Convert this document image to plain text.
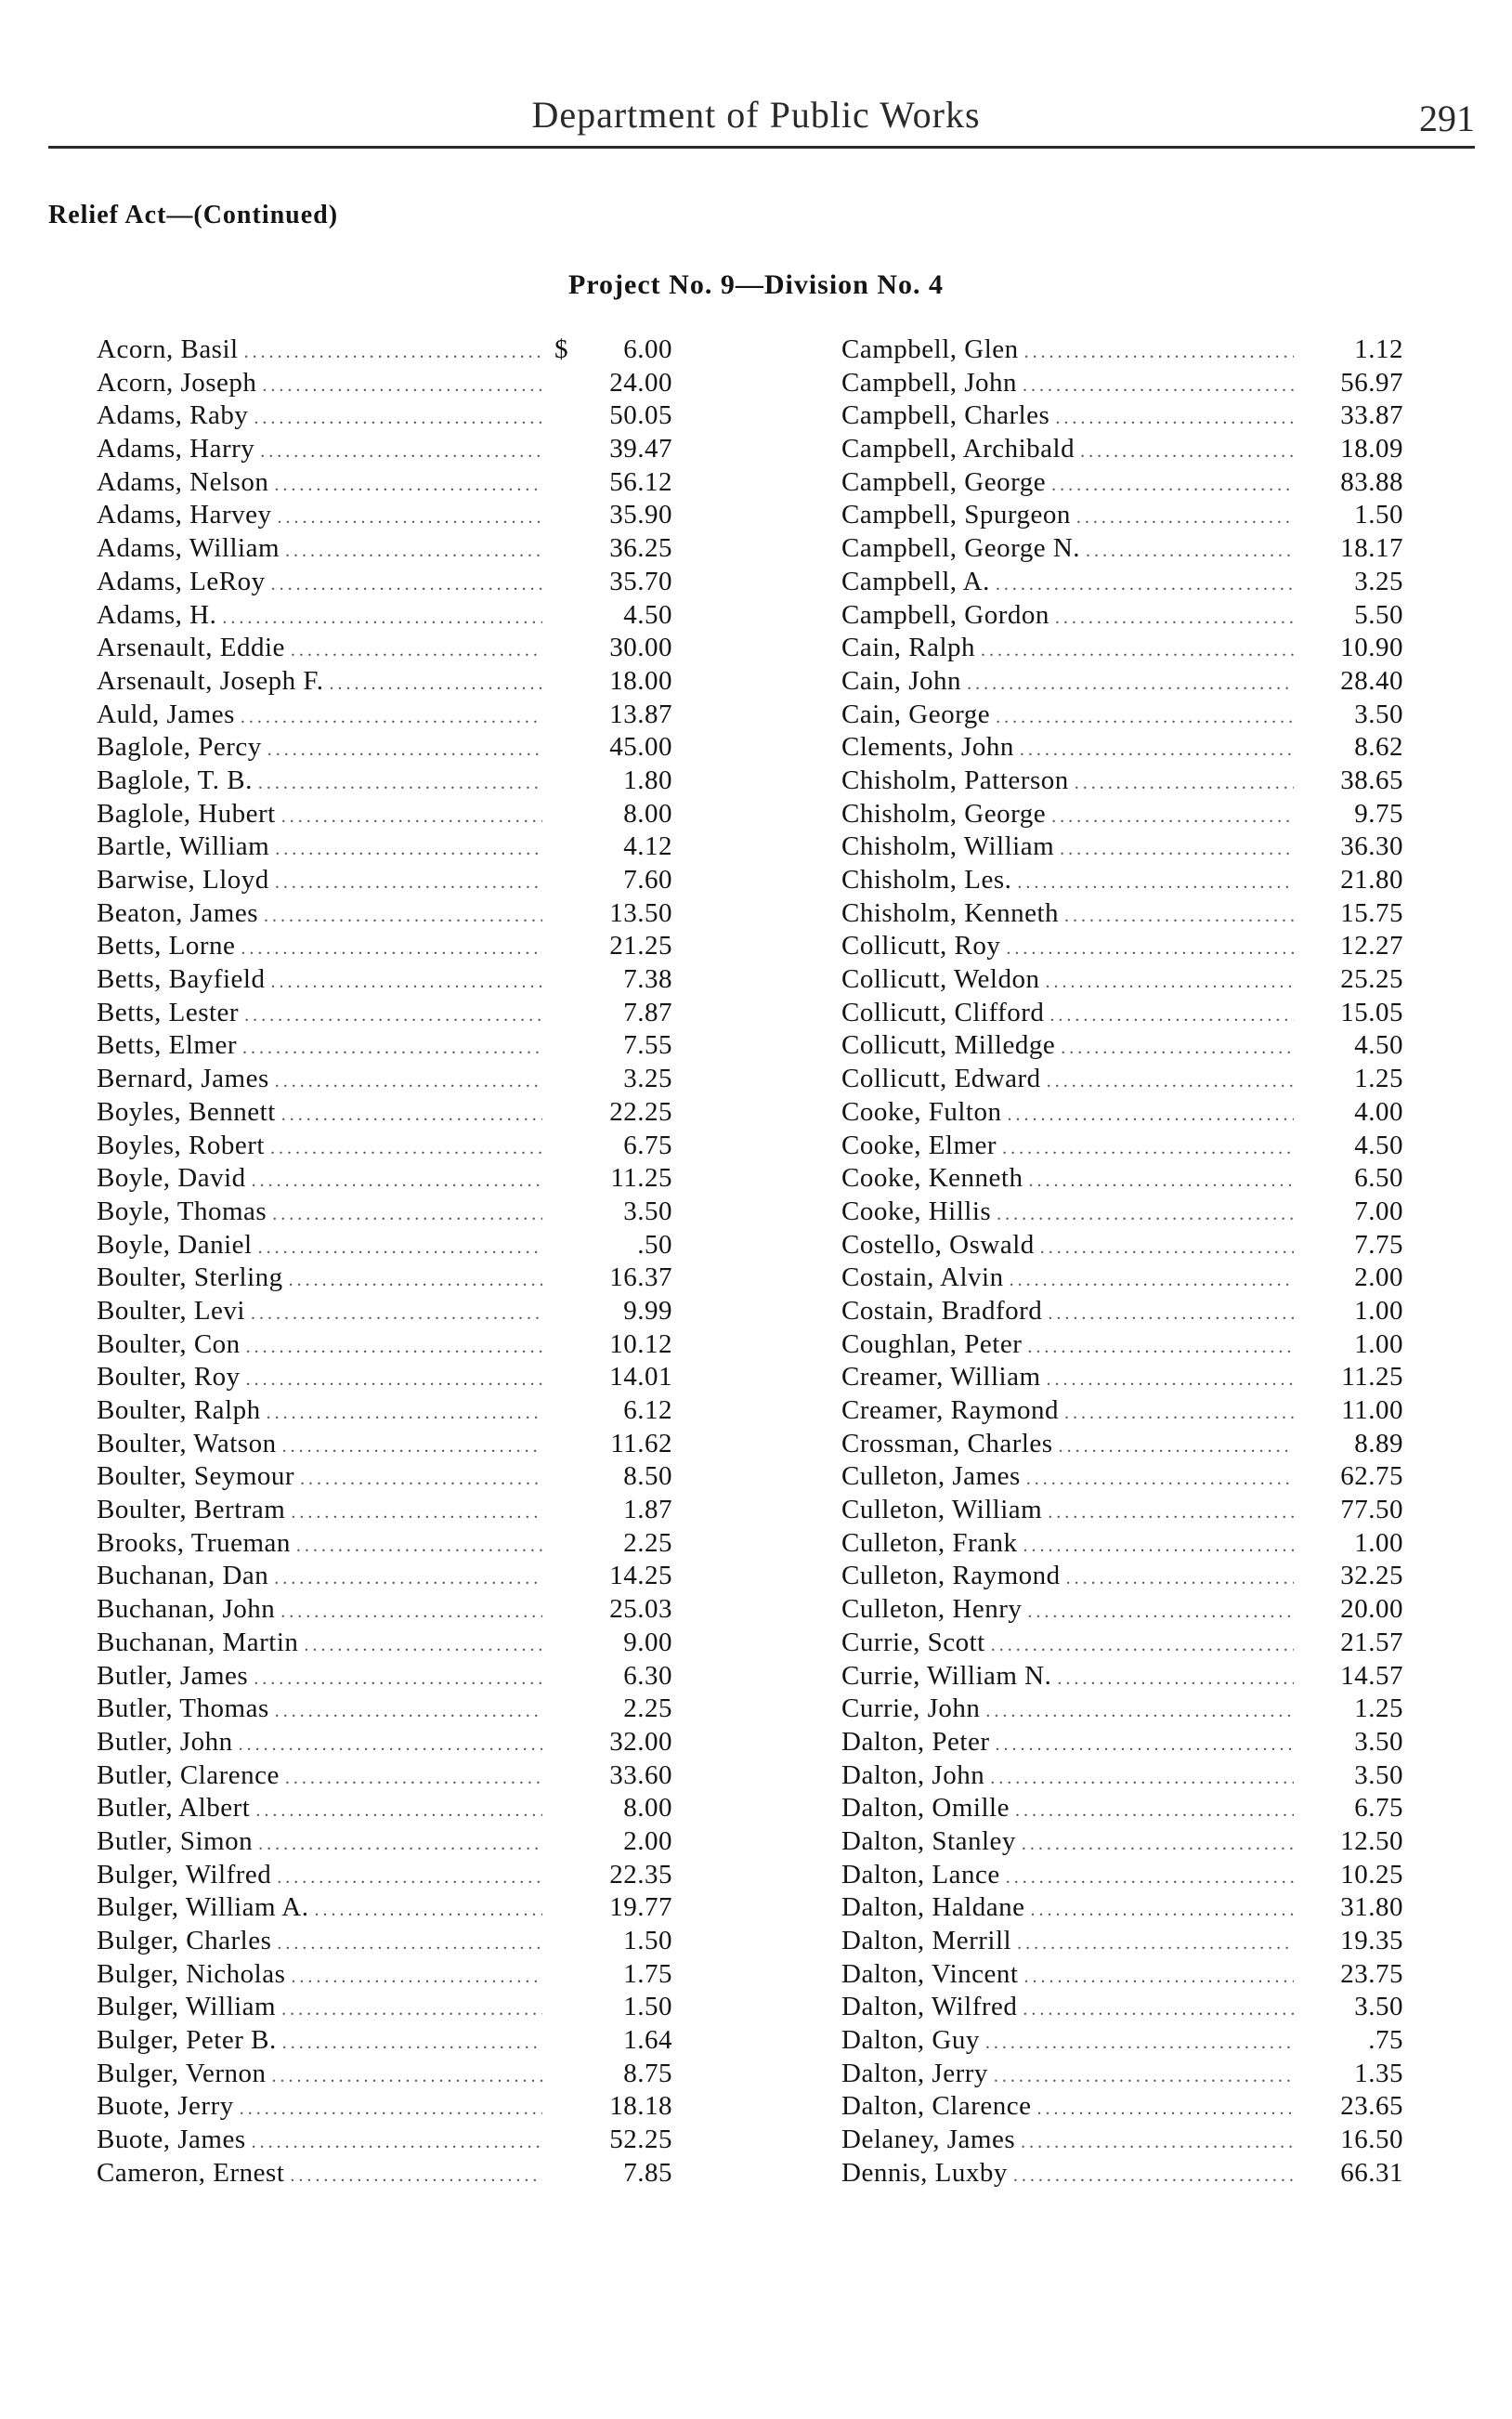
Department of Public Works	291
Relief Act—(Continued)
Project No. 9—Division No. 4
Acorn, Basil .....	$	6.00
Acorn, Joseph .....	24.00
Adams, Raby .....	50.05
Adams, Harry .....	39.47
Adams, Nelson .....	56.12
Adams, Harvey .....	35.90
Adams, William .....	36.25
Adams, LeRoy .....	35.70
Adams, H. .....	4.50
Arsenault, Eddie .....	30.00
Arsenault, Joseph F. .....	18.00
Auld, James .....	13.87
Baglole, Percy .....	45.00
Baglole, T. B. .....	1.80
Baglole, Hubert .....	8.00
Bartle, William .....	4.12
Barwise, Lloyd .....	7.60
Beaton, James .....	13.50
Betts, Lorne .....	21.25
Betts, Bayfield .....	7.38
Betts, Lester .....	7.87
Betts, Elmer .....	7.55
Bernard, James .....	3.25
Boyles, Bennett .....	22.25
Boyles, Robert .....	6.75
Boyle, David .....	11.25
Boyle, Thomas .....	3.50
Boyle, Daniel .....	.50
Boulter, Sterling .....	16.37
Boulter, Levi .....	9.99
Boulter, Con .....	10.12
Boulter, Roy .....	14.01
Boulter, Ralph .....	6.12
Boulter, Watson .....	11.62
Boulter, Seymour .....	8.50
Boulter, Bertram .....	1.87
Brooks, Trueman .....	2.25
Buchanan, Dan .....	14.25
Buchanan, John .....	25.03
Buchanan, Martin .....	9.00
Butler, James .....	6.30
Butler, Thomas .....	2.25
Butler, John .....	32.00
Butler, Clarence .....	33.60
Butler, Albert .....	8.00
Butler, Simon .....	2.00
Bulger, Wilfred .....	22.35
Bulger, William A. .....	19.77
Bulger, Charles .....	1.50
Bulger, Nicholas .....	1.75
Bulger, William .....	1.50
Bulger, Peter B. .....	1.64
Bulger, Vernon .....	8.75
Buote, Jerry .....	18.18
Buote, James .....	52.25
Cameron, Ernest .....	7.85
Campbell, Glen .....	1.12
Campbell, John .....	56.97
Campbell, Charles .....	33.87
Campbell, Archibald .....	18.09
Campbell, George .....	83.88
Campbell, Spurgeon .....	1.50
Campbell, George N. .....	18.17
Campbell, A. .....	3.25
Campbell, Gordon .....	5.50
Cain, Ralph .....	10.90
Cain, John .....	28.40
Cain, George .....	3.50
Clements, John .....	8.62
Chisholm, Patterson .....	38.65
Chisholm, George .....	9.75
Chisholm, William .....	36.30
Chisholm, Les. .....	21.80
Chisholm, Kenneth .....	15.75
Collicutt, Roy .....	12.27
Collicutt, Weldon .....	25.25
Collicutt, Clifford .....	15.05
Collicutt, Milledge .....	4.50
Collicutt, Edward .....	1.25
Cooke, Fulton .....	4.00
Cooke, Elmer .....	4.50
Cooke, Kenneth .....	6.50
Cooke, Hillis .....	7.00
Costello, Oswald .....	7.75
Costain, Alvin .....	2.00
Costain, Bradford .....	1.00
Coughlan, Peter .....	1.00
Creamer, William .....	11.25
Creamer, Raymond .....	11.00
Crossman, Charles .....	8.89
Culleton, James .....	62.75
Culleton, William .....	77.50
Culleton, Frank .....	1.00
Culleton, Raymond .....	32.25
Culleton, Henry .....	20.00
Currie, Scott .....	21.57
Currie, William N. .....	14.57
Currie, John .....	1.25
Dalton, Peter .....	3.50
Dalton, John .....	3.50
Dalton, Omille .....	6.75
Dalton, Stanley .....	12.50
Dalton, Lance .....	10.25
Dalton, Haldane .....	31.80
Dalton, Merrill .....	19.35
Dalton, Vincent .....	23.75
Dalton, Wilfred .....	3.50
Dalton, Guy .....	.75
Dalton, Jerry .....	1.35
Dalton, Clarence .....	23.65
Delaney, James .....	16.50
Dennis, Luxby .....	66.31
